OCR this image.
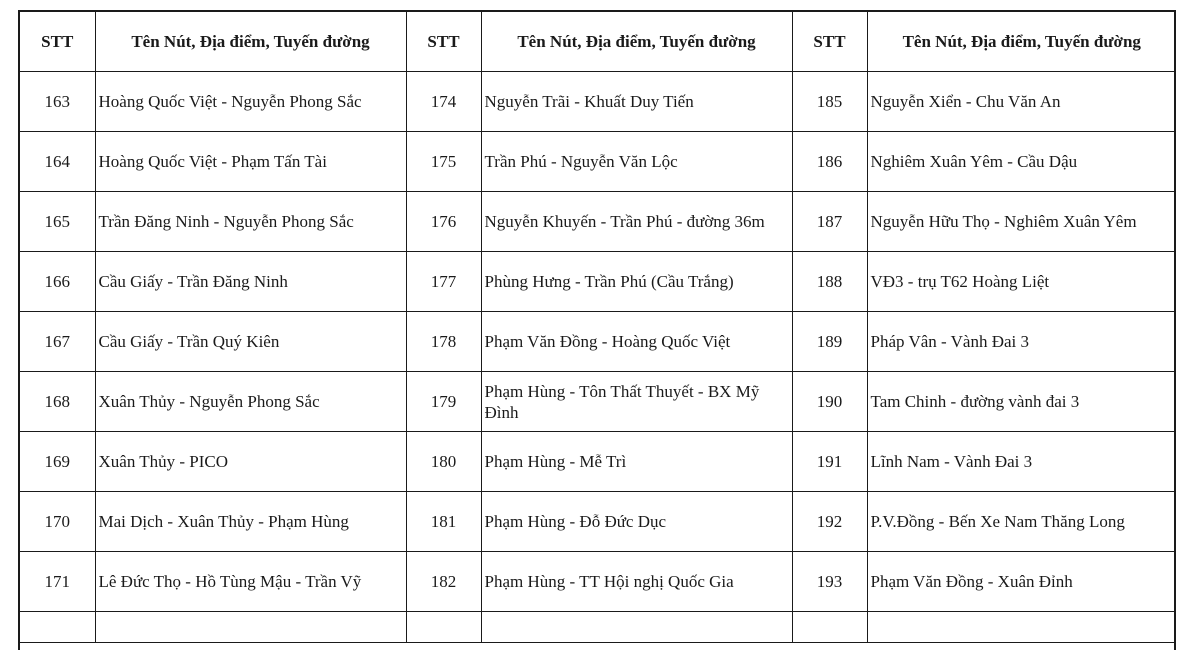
STT	Tên Nút, Địa điểm, Tuyến đường	STT	Tên Nút, Địa điểm, Tuyến đường	STT	Tên Nút, Địa điểm, Tuyến đường
163	Hoàng Quốc Việt - Nguyễn Phong Sắc	174	Nguyễn Trãi - Khuất Duy Tiến	185	Nguyễn Xiển - Chu Văn An
164	Hoàng Quốc Việt - Phạm Tấn Tài	175	Trần Phú - Nguyễn Văn Lộc	186	Nghiêm Xuân Yêm - Cầu Dậu
165	Trần Đăng Ninh - Nguyễn Phong Sắc	176	Nguyễn Khuyến - Trần Phú - đường 36m	187	Nguyễn Hữu Thọ - Nghiêm Xuân Yêm
166	Cầu Giấy - Trần Đăng Ninh	177	Phùng Hưng - Trần Phú (Cầu Trắng)	188	VĐ3 - trụ T62 Hoàng Liệt
167	Cầu Giấy - Trần Quý Kiên	178	Phạm Văn Đồng - Hoàng Quốc Việt	189	Pháp Vân - Vành Đai 3
168	Xuân Thủy - Nguyễn Phong Sắc	179	Phạm Hùng - Tôn Thất Thuyết - BX Mỹ Đình	190	Tam Chinh - đường vành đai 3
169	Xuân Thủy - PICO	180	Phạm Hùng - Mễ Trì	191	Lĩnh Nam - Vành Đai 3
170	Mai Dịch - Xuân Thủy - Phạm Hùng	181	Phạm Hùng - Đỗ Đức Dục	192	P.V.Đồng - Bến Xe Nam Thăng Long
171	Lê Đức Thọ - Hồ Tùng Mậu - Trần Vỹ	182	Phạm Hùng - TT Hội nghị Quốc Gia	193	Phạm Văn Đồng - Xuân Đỉnh
